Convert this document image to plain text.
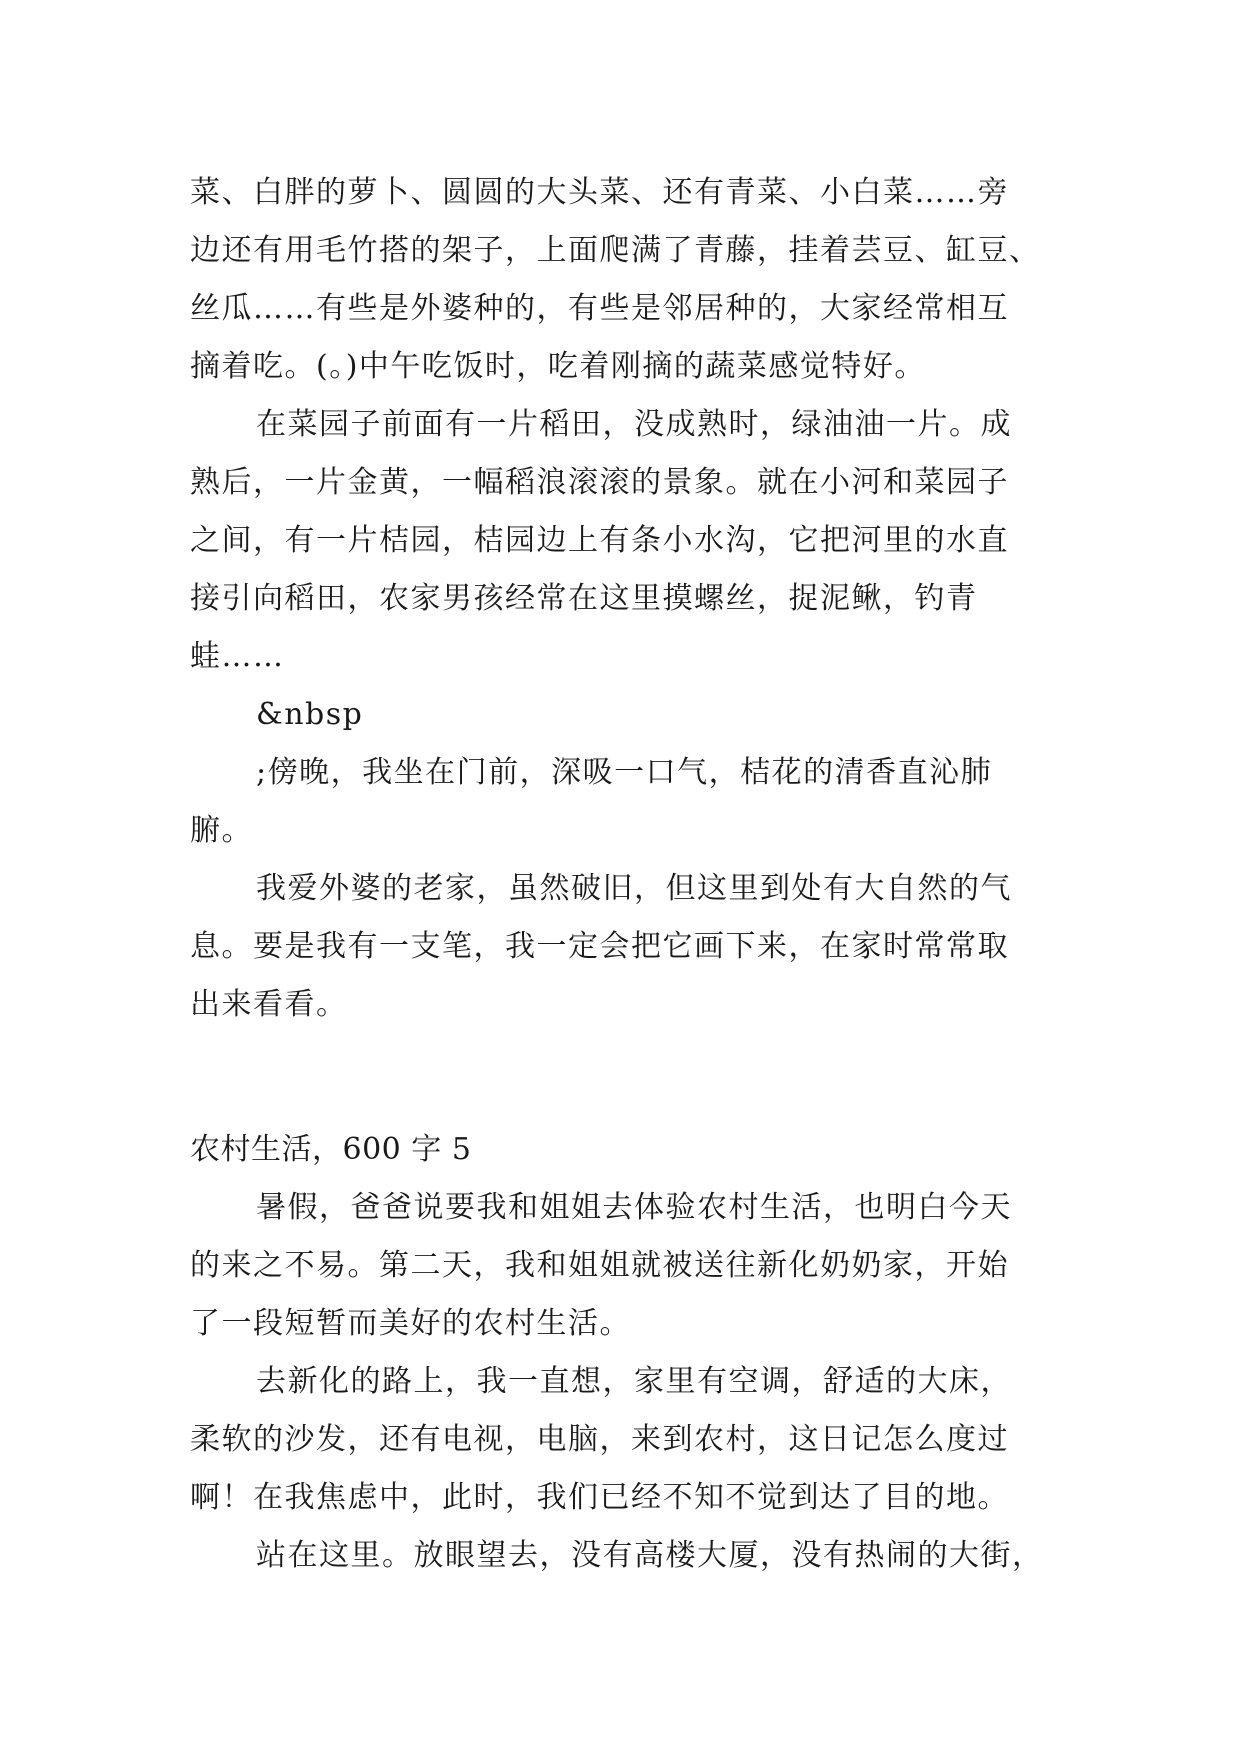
菜、白胖的萝卜、圆圆的大头菜、还有青菜、小白菜……旁
边还有用毛竹搭的架子，上面爬满了青藤，挂着芸豆、缸豆、
丝瓜……有些是外婆种的，有些是邻居种的，大家经常相互
摘着吃。(。)中午吃饭时，吃着刚摘的蔬菜感觉特好。
在菜园子前面有一片稻田，没成熟时，绿油油一片。成
熟后，一片金黄，一幅稻浪滚滚的景象。就在小河和菜园子
之间，有一片桔园，桔园边上有条小水沟，它把河里的水直
接引向稻田，农家男孩经常在这里摸螺丝，捉泥鳅，钓青
蛙……
&nbsp
;傍晚，我坐在门前，深吸一口气，桔花的清香直沁肺
腑。
我爱外婆的老家，虽然破旧，但这里到处有大自然的气
息。要是我有一支笔，我一定会把它画下来，在家时常常取
出来看看。
农村生活，600 字 5
暑假，爸爸说要我和姐姐去体验农村生活，也明白今天
的来之不易。第二天，我和姐姐就被送往新化奶奶家，开始
了一段短暂而美好的农村生活。
去新化的路上，我一直想，家里有空调，舒适的大床，
柔软的沙发，还有电视，电脑，来到农村，这日记怎么度过
啊！在我焦虑中，此时，我们已经不知不觉到达了目的地。
站在这里。放眼望去，没有高楼大厦，没有热闹的大街，
